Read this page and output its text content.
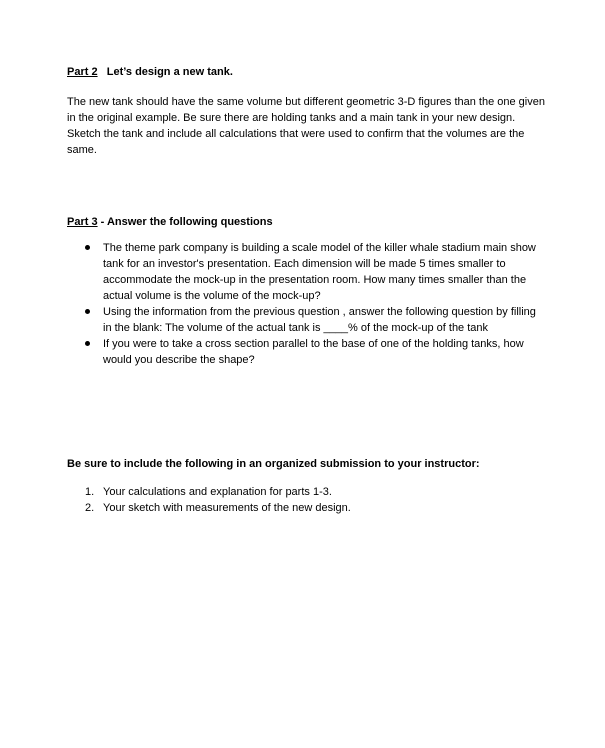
Part 2 Let’s design a new tank.

The new tank should have the same volume but different geometric 3-D figures than the one given in the original example. Be sure there are holding tanks and a main tank in your new design. Sketch the tank and include all calculations that were used to confirm that the volumes are the same.

Part 3 - Answer the following questions
The theme park company is building a scale model of the killer whale stadium main show tank for an investor's presentation. Each dimension will be made 5 times smaller to accommodate the mock-up in the presentation room. How many times smaller than the actual volume is the volume of the mock-up?
Using the information from the previous question , answer the following question by filling in the blank: The volume of the actual tank is ____% of the mock-up of the tank
If you were to take a cross section parallel to the base of one of the holding tanks, how would you describe the shape?
Be sure to include the following in an organized submission to your instructor:
1. Your calculations and explanation for parts 1-3.
2. Your sketch with measurements of the new design.
